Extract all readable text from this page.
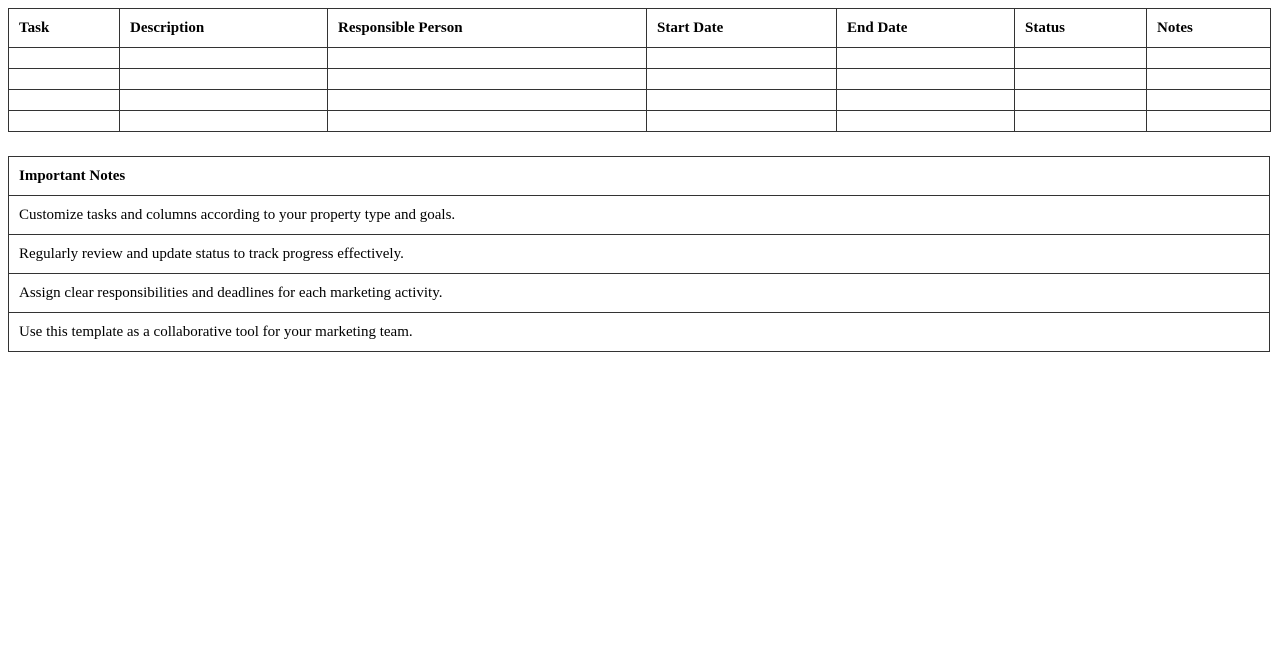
Task	Description	Responsible Person	Start Date	End Date	Status	Notes

Important Notes
Customize tasks and columns according to your property type and goals.
Regularly review and update status to track progress effectively.
Assign clear responsibilities and deadlines for each marketing activity.
Use this template as a collaborative tool for your marketing team.
